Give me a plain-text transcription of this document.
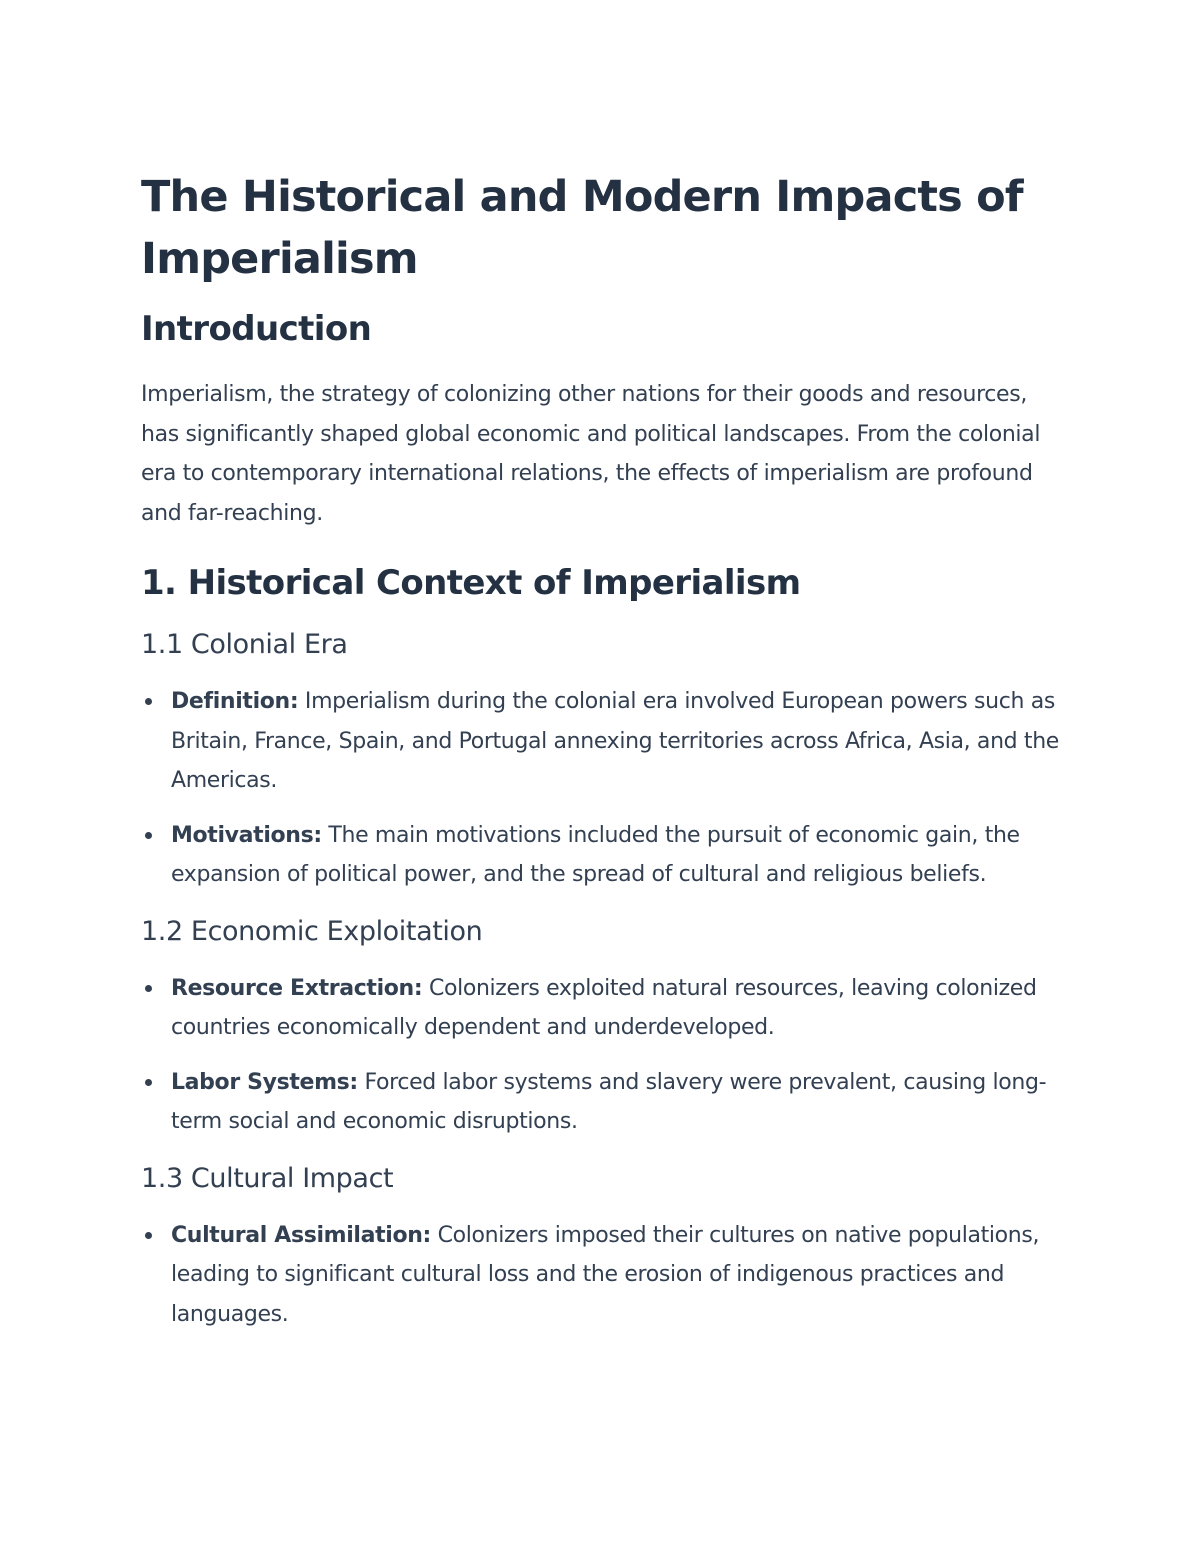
The Historical and Modern Impacts of Imperialism
Introduction

Imperialism, the strategy of colonizing other nations for their goods and resources, has significantly shaped global economic and political landscapes. From the colonial era to contemporary international relations, the effects of imperialism are profound and far-reaching.

1. Historical Context of Imperialism
1.1 Colonial Era
Definition: Imperialism during the colonial era involved European powers such as Britain, France, Spain, and Portugal annexing territories across Africa, Asia, and the Americas.
Motivations: The main motivations included the pursuit of economic gain, the expansion of political power, and the spread of cultural and religious beliefs.
1.2 Economic Exploitation
Resource Extraction: Colonizers exploited natural resources, leaving colonized countries economically dependent and underdeveloped.
Labor Systems: Forced labor systems and slavery were prevalent, causing long-term social and economic disruptions.
1.3 Cultural Impact
Cultural Assimilation: Colonizers imposed their cultures on native populations, leading to significant cultural loss and the erosion of indigenous practices and languages.
